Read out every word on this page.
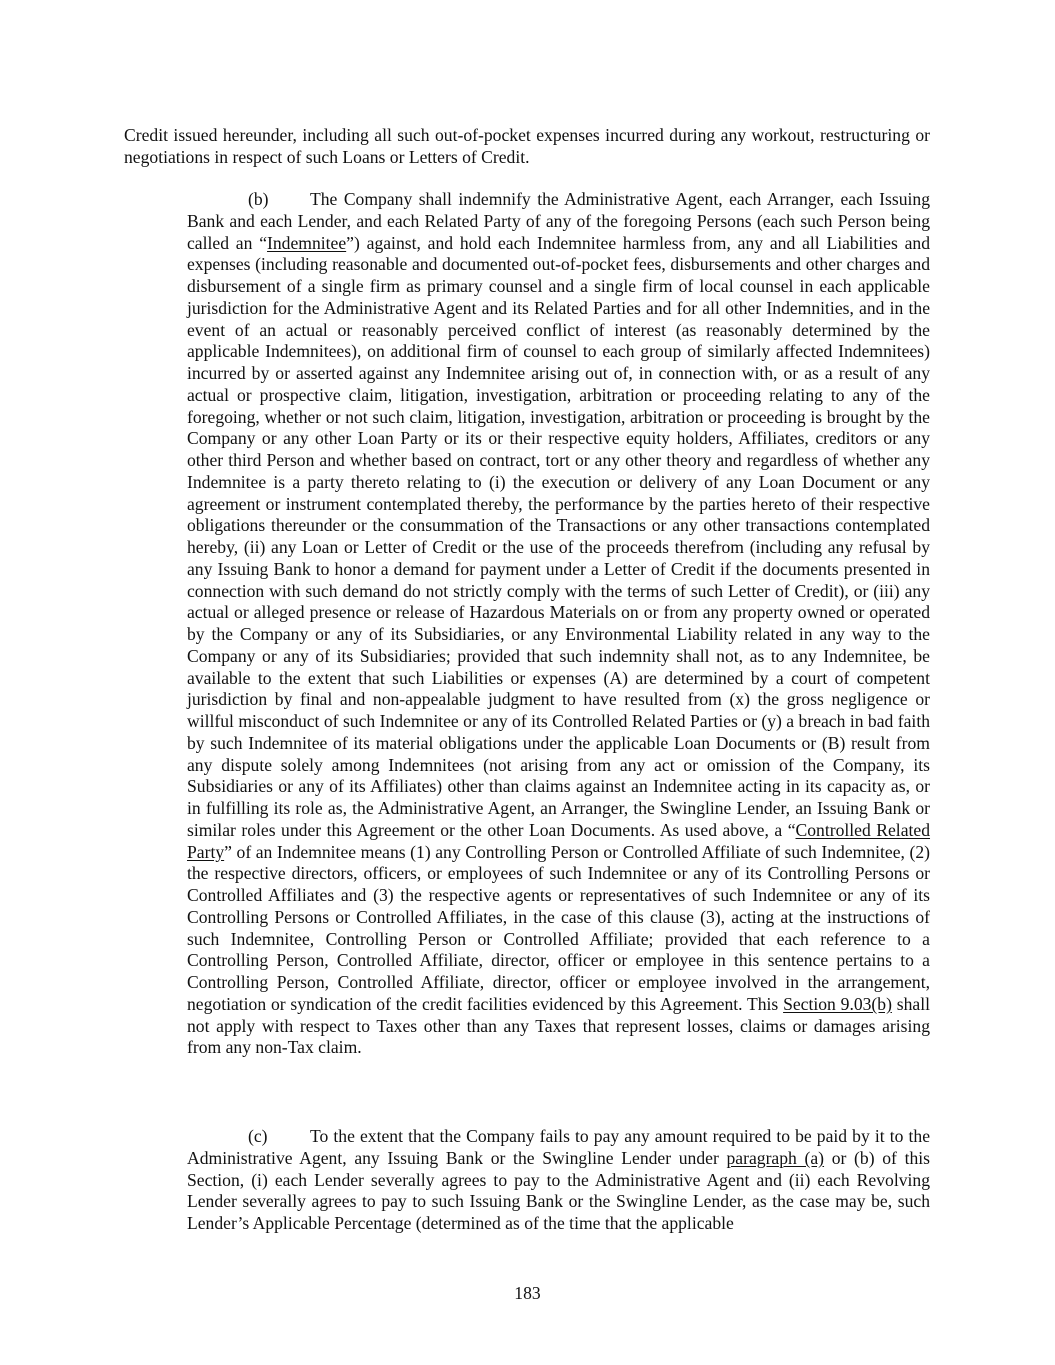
Credit issued hereunder, including all such out-of-pocket expenses incurred during any workout, restructuring or negotiations in respect of such Loans or Letters of Credit.

(b) The Company shall indemnify the Administrative Agent, each Arranger, each Issuing Bank and each Lender, and each Related Party of any of the foregoing Persons (each such Person being called an “Indemnitee”) against, and hold each Indemnitee harmless from, any and all Liabilities and expenses (including reasonable and documented out-of-pocket fees, disbursements and other charges and disbursement of a single firm as primary counsel and a single firm of local counsel in each applicable jurisdiction for the Administrative Agent and its Related Parties and for all other Indemnities, and in the event of an actual or reasonably perceived conflict of interest (as reasonably determined by the applicable Indemnitees), on additional firm of counsel to each group of similarly affected Indemnitees) incurred by or asserted against any Indemnitee arising out of, in connection with, or as a result of any actual or prospective claim, litigation, investigation, arbitration or proceeding relating to any of the foregoing, whether or not such claim, litigation, investigation, arbitration or proceeding is brought by the Company or any other Loan Party or its or their respective equity holders, Affiliates, creditors or any other third Person and whether based on contract, tort or any other theory and regardless of whether any Indemnitee is a party thereto relating to (i) the execution or delivery of any Loan Document or any agreement or instrument contemplated thereby, the performance by the parties hereto of their respective obligations thereunder or the consummation of the Transactions or any other transactions contemplated hereby, (ii) any Loan or Letter of Credit or the use of the proceeds therefrom (including any refusal by any Issuing Bank to honor a demand for payment under a Letter of Credit if the documents presented in connection with such demand do not strictly comply with the terms of such Letter of Credit), or (iii) any actual or alleged presence or release of Hazardous Materials on or from any property owned or operated by the Company or any of its Subsidiaries, or any Environmental Liability related in any way to the Company or any of its Subsidiaries; provided that such indemnity shall not, as to any Indemnitee, be available to the extent that such Liabilities or expenses (A) are determined by a court of competent jurisdiction by final and non-appealable judgment to have resulted from (x) the gross negligence or willful misconduct of such Indemnitee or any of its Controlled Related Parties or (y) a breach in bad faith by such Indemnitee of its material obligations under the applicable Loan Documents or (B) result from any dispute solely among Indemnitees (not arising from any act or omission of the Company, its Subsidiaries or any of its Affiliates) other than claims against an Indemnitee acting in its capacity as, or in fulfilling its role as, the Administrative Agent, an Arranger, the Swingline Lender, an Issuing Bank or similar roles under this Agreement or the other Loan Documents. As used above, a “Controlled Related Party” of an Indemnitee means (1) any Controlling Person or Controlled Affiliate of such Indemnitee, (2) the respective directors, officers, or employees of such Indemnitee or any of its Controlling Persons or Controlled Affiliates and (3) the respective agents or representatives of such Indemnitee or any of its Controlling Persons or Controlled Affiliates, in the case of this clause (3), acting at the instructions of such Indemnitee, Controlling Person or Controlled Affiliate; provided that each reference to a Controlling Person, Controlled Affiliate, director, officer or employee in this sentence pertains to a Controlling Person, Controlled Affiliate, director, officer or employee involved in the arrangement, negotiation or syndication of the credit facilities evidenced by this Agreement. This Section 9.03(b) shall not apply with respect to Taxes other than any Taxes that represent losses, claims or damages arising from any non-Tax claim.

(c) To the extent that the Company fails to pay any amount required to be paid by it to the Administrative Agent, any Issuing Bank or the Swingline Lender under paragraph (a) or (b) of this Section, (i) each Lender severally agrees to pay to the Administrative Agent and (ii) each Revolving Lender severally agrees to pay to such Issuing Bank or the Swingline Lender, as the case may be, such Lender’s Applicable Percentage (determined as of the time that the applicable

183
